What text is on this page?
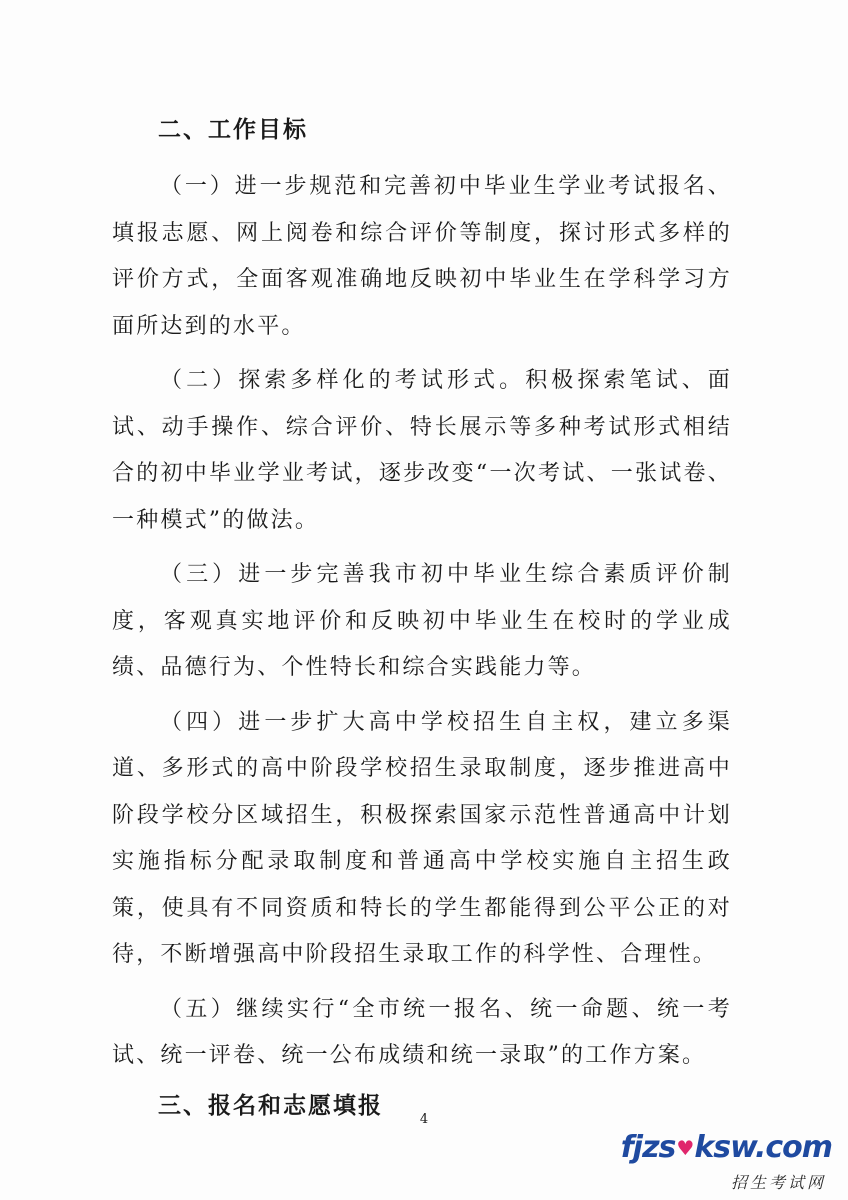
二、工作目标

（一）进一步规范和完善初中毕业生学业考试报名、填报志愿、网上阅卷和综合评价等制度，探讨形式多样的评价方式，全面客观准确地反映初中毕业生在学科学习方面所达到的水平。

（二）探索多样化的考试形式。积极探索笔试、面试、动手操作、综合评价、特长展示等多种考试形式相结合的初中毕业学业考试，逐步改变“一次考试、一张试卷、一种模式”的做法。

（三）进一步完善我市初中毕业生综合素质评价制度，客观真实地评价和反映初中毕业生在校时的学业成绩、品德行为、个性特长和综合实践能力等。

（四）进一步扩大高中学校招生自主权，建立多渠道、多形式的高中阶段学校招生录取制度，逐步推进高中阶段学校分区域招生，积极探索国家示范性普通高中计划实施指标分配录取制度和普通高中学校实施自主招生政策，使具有不同资质和特长的学生都能得到公平公正的对待，不断增强高中阶段招生录取工作的科学性、合理性。

（五）继续实行“全市统一报名、统一命题、统一考试、统一评卷、统一公布成绩和统一录取”的工作方案。

三、报名和志愿填报
4
fjzs ♥ ksw.com
招生考试网
